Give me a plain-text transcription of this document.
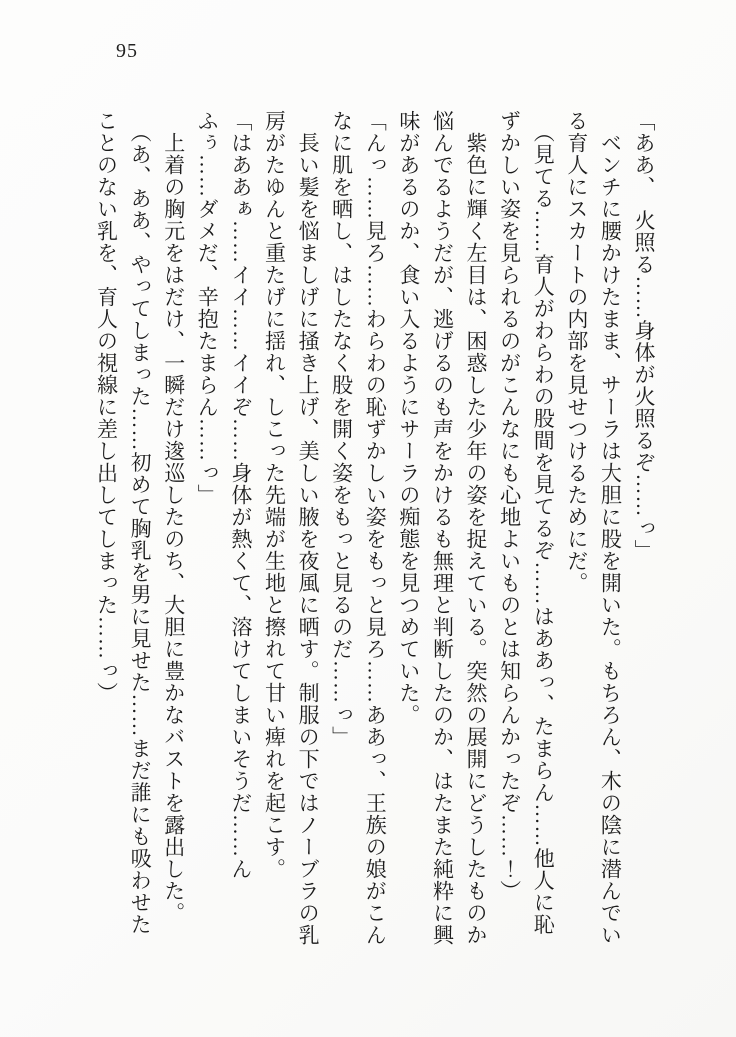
95

「ああ、　火照る……身体が火照るぞ……っ」

　ベンチに腰かけたまま、サーラは大胆に股を開いた。もちろん、木の陰に潜んでいる育人にスカートの内部を見せつけるためにだ。

　（見てる……育人がわらわの股間を見てるぞ……はああっ、たまらん……他人に恥ずかしい姿を見られるのがこんなにも心地よいものとは知らんかったぞ……！）

　紫色に輝く左目は、困惑した少年の姿を捉えている。突然の展開にどうしたものか悩んでるようだが、逃げるのも声をかけるも無理と判断したのか、はたまた純粋に興味があるのか、食い入るようにサーラの痴態を見つめていた。

「んっ……見ろ……わらわの恥ずかしい姿をもっと見ろ……ああっ、王族の娘がこんなに肌を晒し、はしたなく股を開く姿をもっと見るのだ……っ」

　長い髪を悩ましげに掻き上げ、美しい腋を夜風に晒す。制服の下ではノーブラの乳房がたゆんと重たげに揺れ、しこった先端が生地と擦れて甘い痺れを起こす。

「はああぁ……イイ……イイぞ……身体が熱くて、溶けてしまいそうだ……んふぅ……ダメだ、辛抱たまらん……っ」

　上着の胸元をはだけ、一瞬だけ逡巡したのち、大胆に豊かなバストを露出した。

　（あ、ああ、やってしまった……初めて胸乳を男に見せた……まだ誰にも吸わせたことのない乳を、育人の視線に差し出してしまった……っ）
